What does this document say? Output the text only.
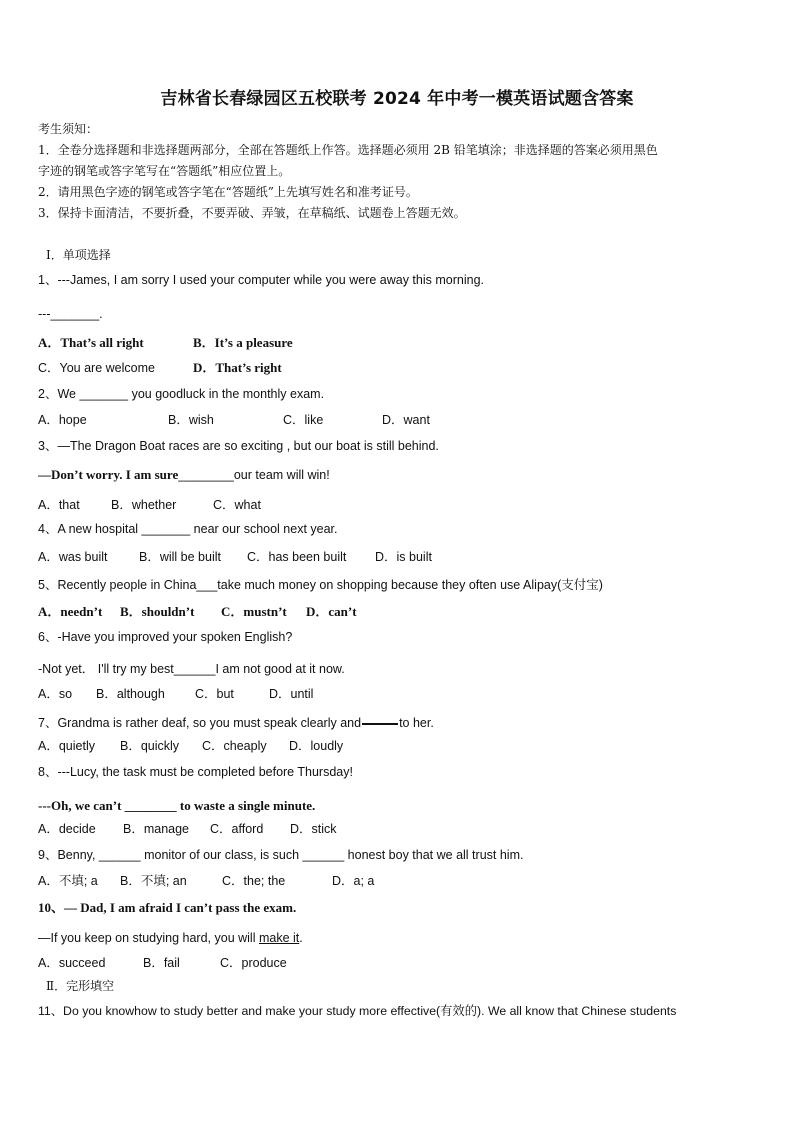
吉林省长春绿园区五校联考 2024 年中考一模英语试题含答案
考生须知：
1．全卷分选择题和非选择题两部分，全部在答题纸上作答。选择题必须用 2B 铅笔填涂；非选择题的答案必须用黑色
字迹的钢笔或答字笔写在“答题纸”相应位置上。
2．请用黑色字迹的钢笔或答字笔在“答题纸”上先填写姓名和准考证号。
3．保持卡面清洁，不要折叠，不要弄破、弄皱，在草稿纸、试题卷上答题无效。
Ⅰ．单项选择
1、---James, I am sorry I used your computer while you were away this morning.
---_______.
A．That’s all right	B．It’s a pleasure
C．You are welcome	D．That’s right
2、We _______ you goodluck in the monthly exam.
A．hope	B．wish	C．like	D．want
3、—The Dragon Boat races are so exciting , but our boat is still behind.
—Don’t worry. I am sure________our team will win!
A．that	B．whether	C．what
4、A new hospital _______ near our school next year.
A．was built	B．will be built C．has been built D．is built
5、Recently people in China___take much money on shopping because they often use Alipay(支付宝)
A．needn’t B．shouldn’t C．mustn’t D．can’t
6、-Have you improved your spoken English?
-Not yet． I'll try my best______I am not good at it now.
A．so B．although C．but	D．until
7、Grandma is rather deaf, so you must speak clearly and	to her.
A．quietly B．quickly C．cheaply D．loudly
8、---Lucy, the task must be completed before Thursday!
---Oh, we can’t ________ to waste a single minute.
A．decide B．manage C．afford D．stick
9、Benny, ______ monitor of our class, is such ______ honest boy that we all trust him.
A．不填; a B．不填; an	C．the; the	D．a; a
10、— Dad, I am afraid I can’t pass the exam.
—If you keep on studying hard, you will make it.
A．succeed	B．fail	C．produce
Ⅱ．完形填空
11、Do you knowhow to study better and make your study more effective(有效的). We all know that Chinese students
